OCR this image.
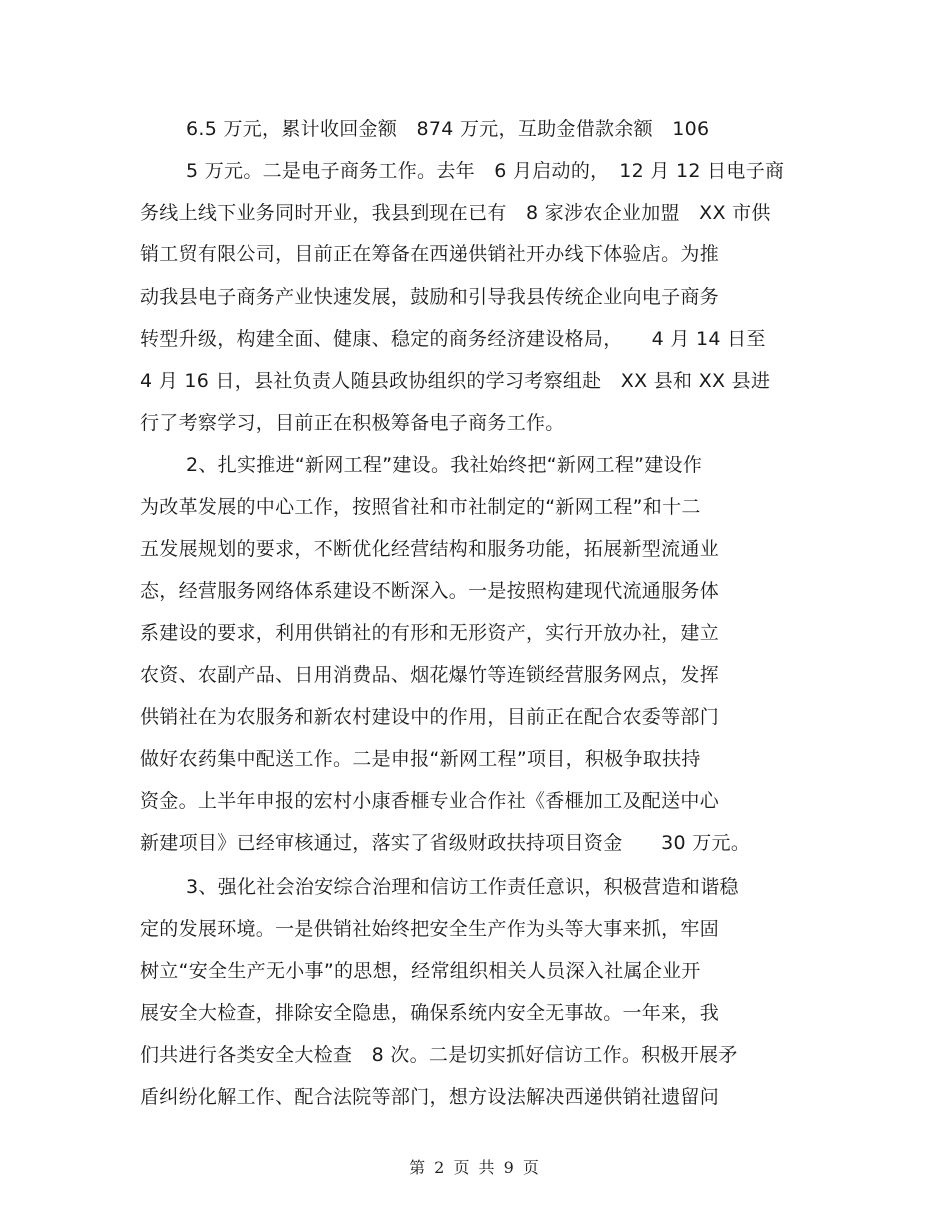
6.5 万元，累计收回金额　874 万元，互助金借款余额　106
5 万元。二是电子商务工作。去年　6 月启动的，　12 月 12 日电子商
务线上线下业务同时开业，我县到现在已有　8 家涉农企业加盟　XX 市供
销工贸有限公司，目前正在筹备在西递供销社开办线下体验店。为推
动我县电子商务产业快速发展，鼓励和引导我县传统企业向电子商务
转型升级，构建全面、健康、稳定的商务经济建设格局，　　4 月 14 日至
4 月 16 日，县社负责人随县政协组织的学习考察组赴　XX 县和 XX 县进
行了考察学习，目前正在积极筹备电子商务工作。
2、扎实推进“新网工程”建设。我社始终把“新网工程”建设作
为改革发展的中心工作，按照省社和市社制定的“新网工程”和十二
五发展规划的要求，不断优化经营结构和服务功能，拓展新型流通业
态，经营服务网络体系建设不断深入。一是按照构建现代流通服务体
系建设的要求，利用供销社的有形和无形资产，实行开放办社，建立
农资、农副产品、日用消费品、烟花爆竹等连锁经营服务网点，发挥
供销社在为农服务和新农村建设中的作用，目前正在配合农委等部门
做好农药集中配送工作。二是申报“新网工程”项目，积极争取扶持
资金。上半年申报的宏村小康香榧专业合作社《香榧加工及配送中心
新建项目》已经审核通过，落实了省级财政扶持项目资金　　30 万元。
3、强化社会治安综合治理和信访工作责任意识，积极营造和谐稳
定的发展环境。一是供销社始终把安全生产作为头等大事来抓，牢固
树立“安全生产无小事”的思想，经常组织相关人员深入社属企业开
展安全大检查，排除安全隐患，确保系统内安全无事故。一年来，我
们共进行各类安全大检查　8 次。二是切实抓好信访工作。积极开展矛
盾纠纷化解工作、配合法院等部门，想方设法解决西递供销社遗留问
第 2 页 共 9 页
